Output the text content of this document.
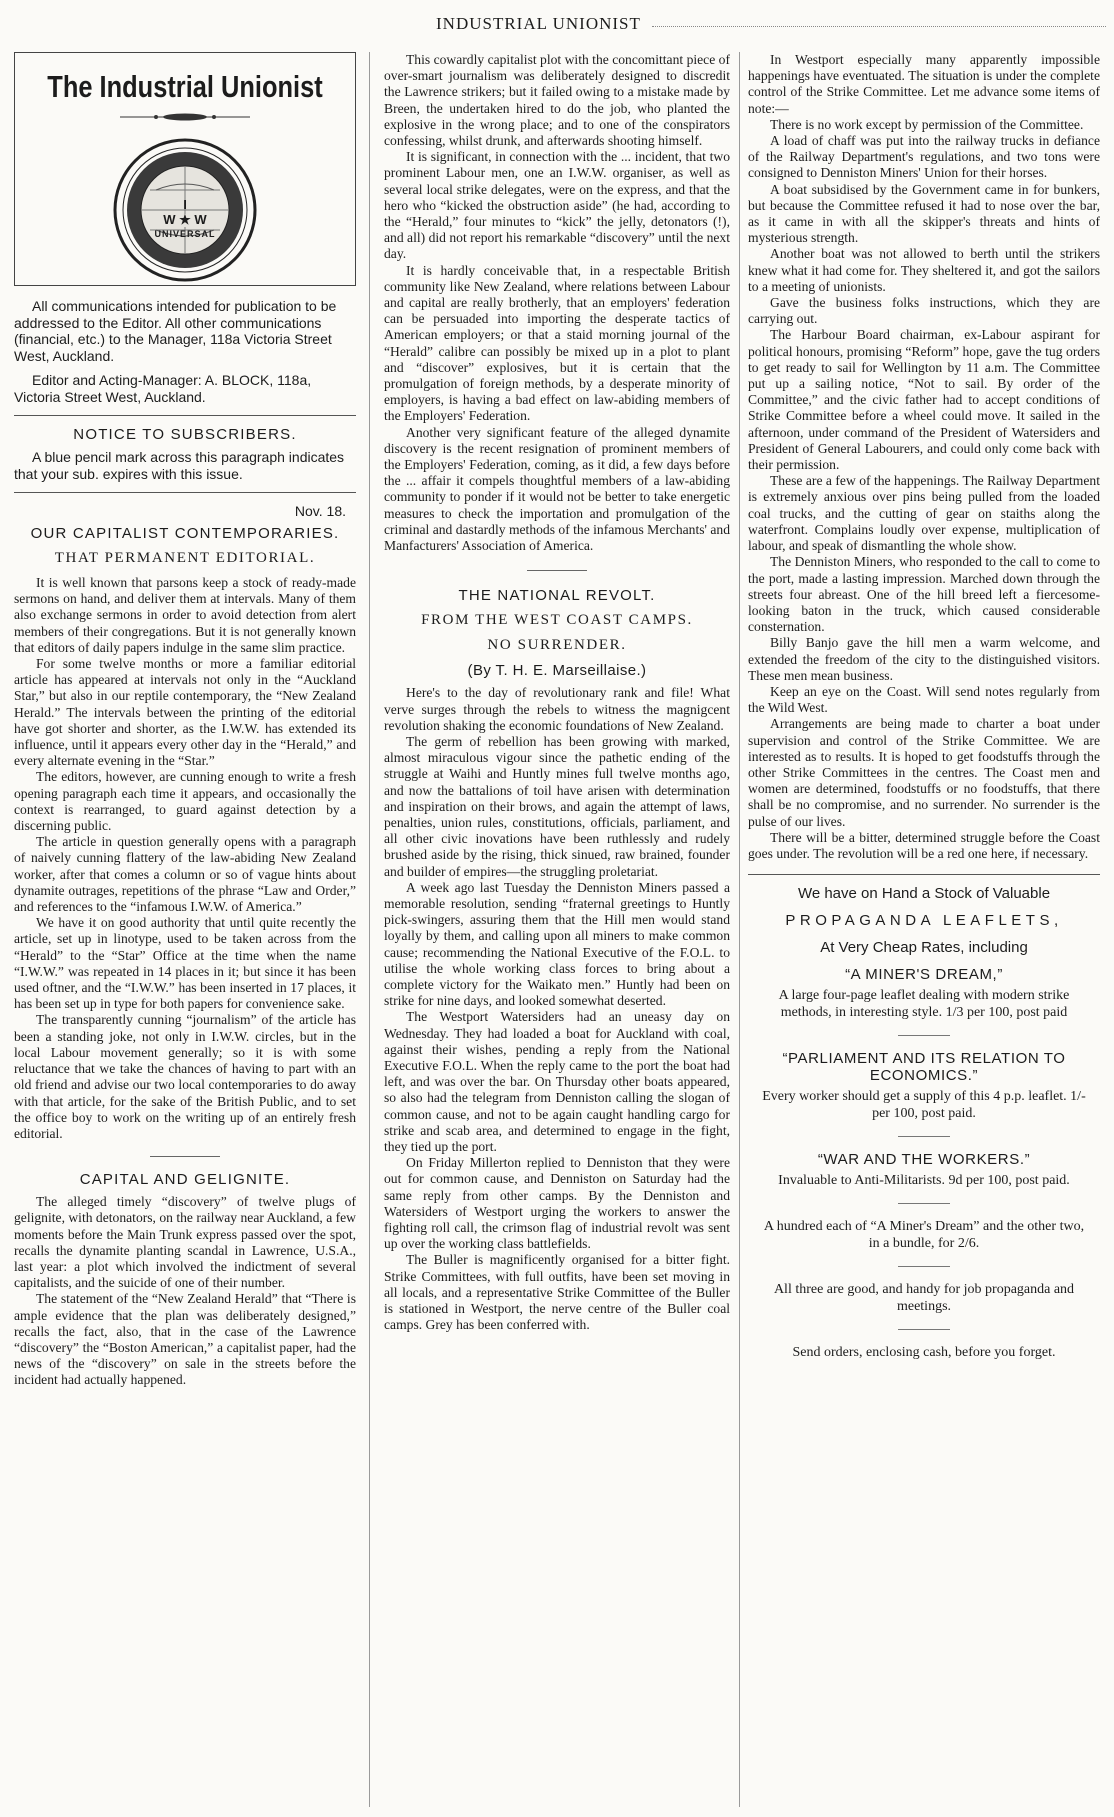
INDUSTRIAL UNIONIST
The Industrial Unionist
I
W ★ W
UNIVERSAL

All communications intended for publication to be addressed to the Editor. All other communications (financial, etc.) to the Manager, 118a Victoria Street West, Auckland.

Editor and Acting-Manager: A. BLOCK, 118a, Victoria Street West, Auckland.

NOTICE TO SUBSCRIBERS.

A blue pencil mark across this paragraph indicates that your sub. expires with this issue.

Nov. 18.
OUR CAPITALIST CONTEMPORARIES.
THAT PERMANENT EDITORIAL.

It is well known that parsons keep a stock of ready-made sermons on hand, and deliver them at intervals. Many of them also exchange sermons in order to avoid detection from alert members of their congregations. But it is not generally known that editors of daily papers indulge in the same slim practice.

For some twelve months or more a familiar editorial article has appeared at intervals not only in the “Auckland Star,” but also in our reptile contemporary, the “New Zealand Herald.” The intervals between the printing of the editorial have got shorter and shorter, as the I.W.W. has extended its influence, until it appears every other day in the “Herald,” and every alternate evening in the “Star.”

The editors, however, are cunning enough to write a fresh opening paragraph each time it appears, and occasionally the context is rearranged, to guard against detection by a discerning public.

The article in question generally opens with a paragraph of naively cunning flattery of the law-abiding New Zealand worker, after that comes a column or so of vague hints about dynamite outrages, repetitions of the phrase “Law and Order,” and references to the “infamous I.W.W. of America.”

We have it on good authority that until quite recently the article, set up in linotype, used to be taken across from the “Herald” to the “Star” Office at the time when the name “I.W.W.” was repeated in 14 places in it; but since it has been used oftner, and the “I.W.W.” has been inserted in 17 places, it has been set up in type for both papers for convenience sake.

The transparently cunning “journalism” of the article has been a standing joke, not only in I.W.W. circles, but in the local Labour movement generally; so it is with some reluctance that we take the chances of having to part with an old friend and advise our two local contemporaries to do away with that article, for the sake of the British Public, and to set the office boy to work on the writing up of an entirely fresh editorial.

CAPITAL AND GELIGNITE.

The alleged timely “discovery” of twelve plugs of gelignite, with detonators, on the railway near Auckland, a few moments before the Main Trunk express passed over the spot, recalls the dynamite planting scandal in Lawrence, U.S.A., last year: a plot which involved the indictment of several capitalists, and the suicide of one of their number.

The statement of the “New Zealand Herald” that “There is ample evidence that the plan was deliberately designed,” recalls the fact, also, that in the case of the Lawrence “discovery” the “Boston American,” a capitalist paper, had the news of the “discovery” on sale in the streets before the incident had actually happened.

This cowardly capitalist plot with the concomittant piece of over-smart journalism was deliberately designed to discredit the Lawrence strikers; but it failed owing to a mistake made by Breen, the undertaken hired to do the job, who planted the explosive in the wrong place; and to one of the conspirators confessing, whilst drunk, and afterwards shooting himself.

It is significant, in connection with the ... incident, that two prominent Labour men, one an I.W.W. organiser, as well as several local strike delegates, were on the express, and that the hero who “kicked the obstruction aside” (he had, according to the “Herald,” four minutes to “kick” the jelly, detonators (!), and all) did not report his remarkable “discovery” until the next day.

It is hardly conceivable that, in a respectable British community like New Zealand, where relations between Labour and capital are really brotherly, that an employers' federation can be persuaded into importing the desperate tactics of American employers; or that a staid morning journal of the “Herald” calibre can possibly be mixed up in a plot to plant and “discover” explosives, but it is certain that the promulgation of foreign methods, by a desperate minority of employers, is having a bad effect on law-abiding members of the Employers' Federation.

Another very significant feature of the alleged dynamite discovery is the recent resignation of prominent members of the Employers' Federation, coming, as it did, a few days before the ... affair it compels thoughtful members of a law-abiding community to ponder if it would not be better to take energetic measures to check the importation and promulgation of the criminal and dastardly methods of the infamous Merchants' and Manfacturers' Association of America.

THE NATIONAL REVOLT.
FROM THE WEST COAST CAMPS.
NO SURRENDER.
(By T. H. E. Marseillaise.)

Here's to the day of revolutionary rank and file! What verve surges through the rebels to witness the magnigcent revolution shaking the economic foundations of New Zealand.

The germ of rebellion has been growing with marked, almost miraculous vigour since the pathetic ending of the struggle at Waihi and Huntly mines full twelve months ago, and now the battalions of toil have arisen with determination and inspiration on their brows, and again the attempt of laws, penalties, union rules, constitutions, officials, parliament, and all other civic inovations have been ruthlessly and rudely brushed aside by the rising, thick sinued, raw brained, founder and builder of empires—the struggling proletariat.

A week ago last Tuesday the Denniston Miners passed a memorable resolution, sending “fraternal greetings to Huntly pick-swingers, assuring them that the Hill men would stand loyally by them, and calling upon all miners to make common cause; recommending the National Executive of the F.O.L. to utilise the whole working class forces to bring about a complete victory for the Waikato men.” Huntly had been on strike for nine days, and looked somewhat deserted.

The Westport Watersiders had an uneasy day on Wednesday. They had loaded a boat for Auckland with coal, against their wishes, pending a reply from the National Executive F.O.L. When the reply came to the port the boat had left, and was over the bar. On Thursday other boats appeared, so also had the telegram from Denniston calling the slogan of common cause, and not to be again caught handling cargo for strike and scab area, and determined to engage in the fight, they tied up the port.

On Friday Millerton replied to Denniston that they were out for common cause, and Denniston on Saturday had the same reply from other camps. By the Denniston and Watersiders of Westport urging the workers to answer the fighting roll call, the crimson flag of industrial revolt was sent up over the working class battlefields.

The Buller is magnificently organised for a bitter fight. Strike Committees, with full outfits, have been set moving in all locals, and a representative Strike Committee of the Buller is stationed in Westport, the nerve centre of the Buller coal camps. Grey has been conferred with.

In Westport especially many apparently impossible happenings have eventuated. The situation is under the complete control of the Strike Committee. Let me advance some items of note:—

There is no work except by permission of the Committee.

A load of chaff was put into the railway trucks in defiance of the Railway Department's regulations, and two tons were consigned to Denniston Miners' Union for their horses.

A boat subsidised by the Government came in for bunkers, but because the Committee refused it had to nose over the bar, as it came in with all the skipper's threats and hints of mysterious strength.

Another boat was not allowed to berth until the strikers knew what it had come for. They sheltered it, and got the sailors to a meeting of unionists.

Gave the business folks instructions, which they are carrying out.

The Harbour Board chairman, ex-Labour aspirant for political honours, promising “Reform” hope, gave the tug orders to get ready to sail for Wellington by 11 a.m. The Committee put up a sailing notice, “Not to sail. By order of the Committee,” and the civic father had to accept conditions of Strike Committee before a wheel could move. It sailed in the afternoon, under command of the President of Watersiders and President of General Labourers, and could only come back with their permission.

These are a few of the happenings. The Railway Department is extremely anxious over pins being pulled from the loaded coal trucks, and the cutting of gear on staiths along the waterfront. Complains loudly over expense, multiplication of labour, and speak of dismantling the whole show.

The Denniston Miners, who responded to the call to come to the port, made a lasting impression. Marched down through the streets four abreast. One of the hill breed left a fiercesome-looking baton in the truck, which caused considerable consternation.

Billy Banjo gave the hill men a warm welcome, and extended the freedom of the city to the distinguished visitors. These men mean business.

Keep an eye on the Coast. Will send notes regularly from the Wild West.

Arrangements are being made to charter a boat under supervision and control of the Strike Committee. We are interested as to results. It is hoped to get foodstuffs through the other Strike Committees in the centres. The Coast men and women are determined, foodstuffs or no foodstuffs, that there shall be no compromise, and no surrender. No surrender is the pulse of our lives.

There will be a bitter, determined struggle before the Coast goes under. The revolution will be a red one here, if necessary.

We have on Hand a Stock of Valuable
PROPAGANDA LEAFLETS,
At Very Cheap Rates, including
“A MINER'S DREAM,”

A large four-page leaflet dealing with modern strike methods, in interesting style. 1/3 per 100, post paid

“PARLIAMENT AND ITS RELATION TO ECONOMICS.”

Every worker should get a supply of this 4 p.p. leaflet. 1/- per 100, post paid.

“WAR AND THE WORKERS.”

Invaluable to Anti-Militarists. 9d per 100, post paid.

A hundred each of “A Miner's Dream” and the other two, in a bundle, for 2/6.

All three are good, and handy for job propaganda and meetings.

Send orders, enclosing cash, before you forget.
